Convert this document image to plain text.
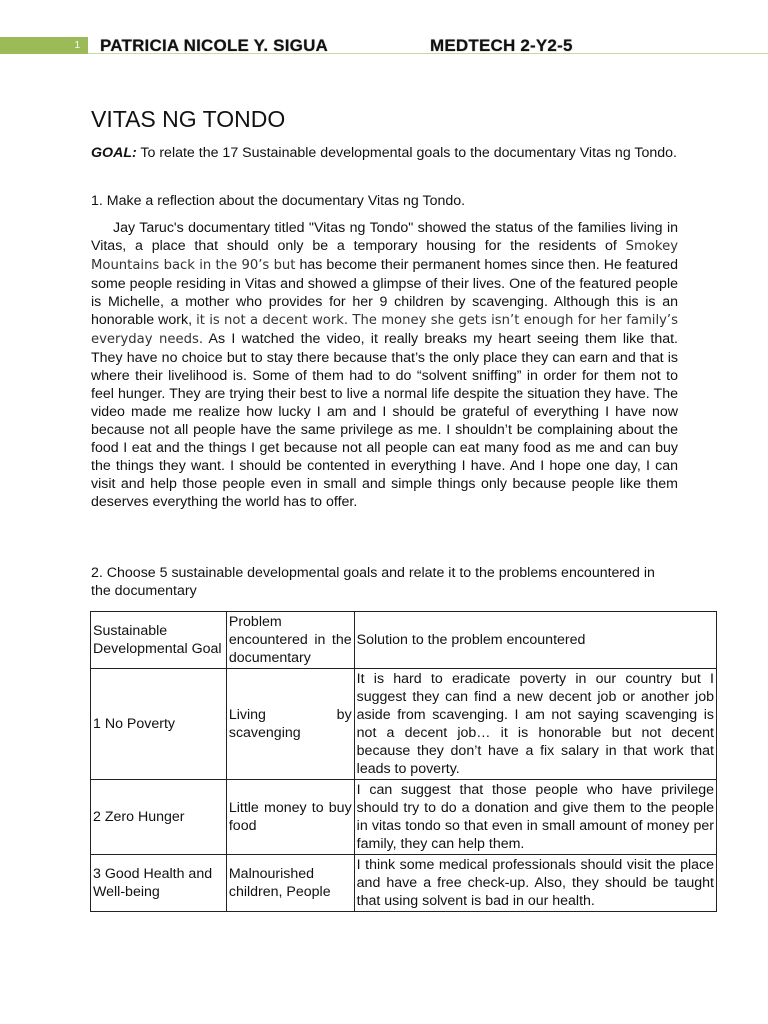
1	PATRICIA NICOLE Y. SIGUA	MEDTECH 2-Y2-5
VITAS NG TONDO
GOAL: To relate the 17 Sustainable developmental goals to the documentary Vitas ng Tondo.
1. Make a reflection about the documentary Vitas ng Tondo.
Jay Taruc's documentary titled "Vitas ng Tondo" showed the status of the families living in Vitas, a place that should only be a temporary housing for the residents of Smokey Mountains back in the 90’s but has become their permanent homes since then. He featured some people residing in Vitas and showed a glimpse of their lives. One of the featured people is Michelle, a mother who provides for her 9 children by scavenging. Although this is an honorable work, it is not a decent work. The money she gets isn’t enough for her family’s everyday needs. As I watched the video, it really breaks my heart seeing them like that. They have no choice but to stay there because that’s the only place they can earn and that is where their livelihood is. Some of them had to do “solvent sniffing” in order for them not to feel hunger. They are trying their best to live a normal life despite the situation they have. The video made me realize how lucky I am and I should be grateful of everything I have now because not all people have the same privilege as me. I shouldn’t be complaining about the food I eat and the things I get because not all people can eat many food as me and can buy the things they want. I should be contented in everything I have. And I hope one day, I can visit and help those people even in small and simple things only because people like them deserves everything the world has to offer.
2. Choose 5 sustainable developmental goals and relate it to the problems encountered in the documentary
Sustainable Developmental Goal	Problem encountered in the documentary	Solution to the problem encountered
1 No Poverty	Living by scavenging	It is hard to eradicate poverty in our country but I suggest they can find a new decent job or another job aside from scavenging. I am not saying scavenging is not a decent job… it is honorable but not decent because they don’t have a fix salary in that work that leads to poverty.
2 Zero Hunger	Little money to buy food	I can suggest that those people who have privilege should try to do a donation and give them to the people in vitas tondo so that even in small amount of money per family, they can help them.
3 Good Health and Well-being	Malnourished children, People	I think some medical professionals should visit the place and have a free check-up. Also, they should be taught that using solvent is bad in our health.
